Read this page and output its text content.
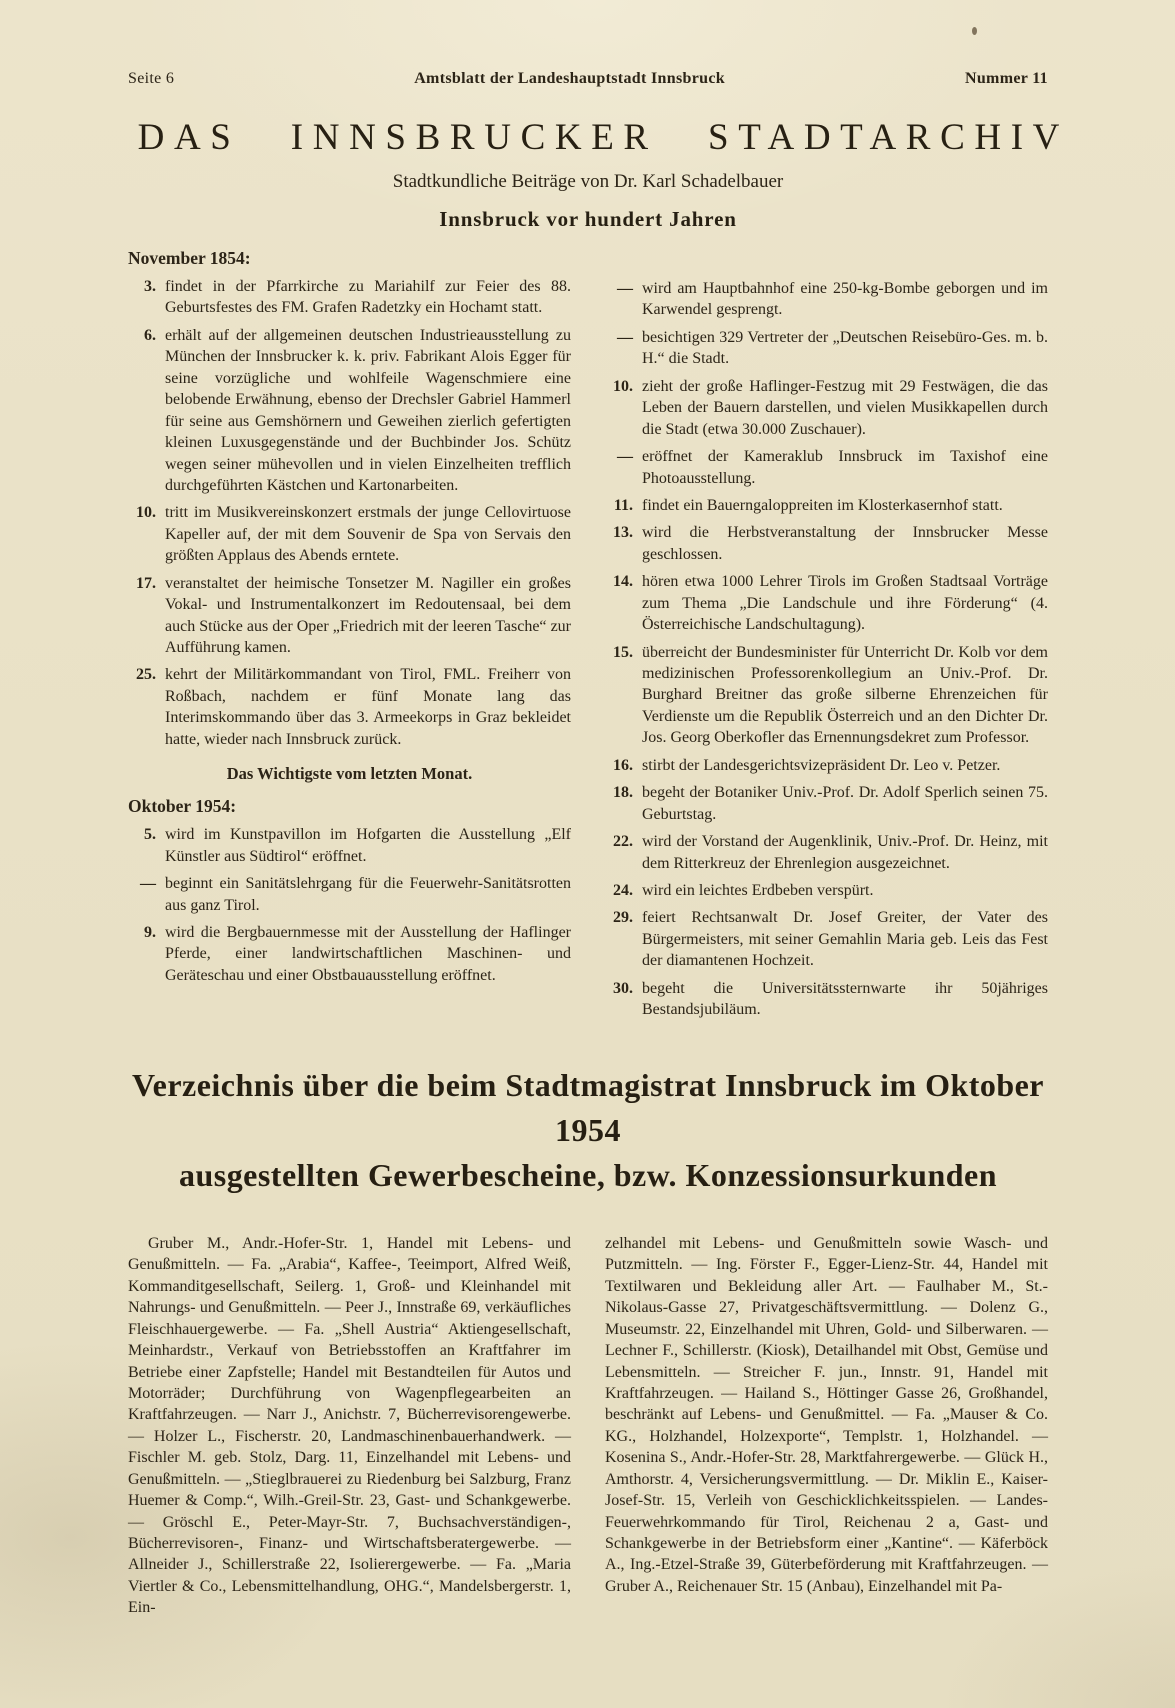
Seite 6	Amtsblatt der Landeshauptstadt Innsbruck	Nummer 11
DAS INNSBRUCKER STADTARCHIV
Stadtkundliche Beiträge von Dr. Karl Schadelbauer
Innsbruck vor hundert Jahren
November 1854:
3. findet in der Pfarrkirche zu Mariahilf zur Feier des 88. Geburtsfestes des FM. Grafen Radetzky ein Hochamt statt.
6. erhält auf der allgemeinen deutschen Industrieausstellung zu München der Innsbrucker k. k. priv. Fabrikant Alois Egger für seine vorzügliche und wohlfeile Wagenschmiere eine belobende Erwähnung, ebenso der Drechsler Gabriel Hammerl für seine aus Gemshörnern und Geweihen zierlich gefertigten kleinen Luxusgegenstände und der Buchbinder Jos. Schütz wegen seiner mühevollen und in vielen Einzelheiten trefflich durchgeführten Kästchen und Kartonarbeiten.
10. tritt im Musikvereinskonzert erstmals der junge Cellovirtuose Kapeller auf, der mit dem Souvenir de Spa von Servais den größten Applaus des Abends erntete.
17. veranstaltet der heimische Tonsetzer M. Nagiller ein großes Vokal- und Instrumentalkonzert im Redoutensaal, bei dem auch Stücke aus der Oper „Friedrich mit der leeren Tasche“ zur Aufführung kamen.
25. kehrt der Militärkommandant von Tirol, FML. Freiherr von Roßbach, nachdem er fünf Monate lang das Interimskommando über das 3. Armeekorps in Graz bekleidet hatte, wieder nach Innsbruck zurück.
Das Wichtigste vom letzten Monat.
Oktober 1954:
5. wird im Kunstpavillon im Hofgarten die Ausstellung „Elf Künstler aus Südtirol“ eröffnet.
— beginnt ein Sanitätslehrgang für die Feuerwehr-Sanitätsrotten aus ganz Tirol.
9. wird die Bergbauernmesse mit der Ausstellung der Haflinger Pferde, einer landwirtschaftlichen Maschinen- und Geräteschau und einer Obstbauausstellung eröffnet.
— wird am Hauptbahnhof eine 250-kg-Bombe geborgen und im Karwendel gesprengt.
— besichtigen 329 Vertreter der „Deutschen Reisebüro-Ges. m. b. H.“ die Stadt.
10. zieht der große Haflinger-Festzug mit 29 Festwägen, die das Leben der Bauern darstellen, und vielen Musikkapellen durch die Stadt (etwa 30.000 Zuschauer).
— eröffnet der Kameraklub Innsbruck im Taxishof eine Photoausstellung.
11. findet ein Bauerngaloppreiten im Klosterkasernhof statt.
13. wird die Herbstveranstaltung der Innsbrucker Messe geschlossen.
14. hören etwa 1000 Lehrer Tirols im Großen Stadtsaal Vorträge zum Thema „Die Landschule und ihre Förderung“ (4. Österreichische Landschultagung).
15. überreicht der Bundesminister für Unterricht Dr. Kolb vor dem medizinischen Professorenkollegium an Univ.-Prof. Dr. Burghard Breitner das große silberne Ehrenzeichen für Verdienste um die Republik Österreich und an den Dichter Dr. Jos. Georg Oberkofler das Ernennungsdekret zum Professor.
16. stirbt der Landesgerichtsvizepräsident Dr. Leo v. Petzer.
18. begeht der Botaniker Univ.-Prof. Dr. Adolf Sperlich seinen 75. Geburtstag.
22. wird der Vorstand der Augenklinik, Univ.-Prof. Dr. Heinz, mit dem Ritterkreuz der Ehrenlegion ausgezeichnet.
24. wird ein leichtes Erdbeben verspürt.
29. feiert Rechtsanwalt Dr. Josef Greiter, der Vater des Bürgermeisters, mit seiner Gemahlin Maria geb. Leis das Fest der diamantenen Hochzeit.
30. begeht die Universitätssternwarte ihr 50jähriges Bestandsjubiläum.
Verzeichnis über die beim Stadtmagistrat Innsbruck im Oktober 1954
ausgestellten Gewerbescheine, bzw. Konzessionsurkunden

Gruber M., Andr.-Hofer-Str. 1, Handel mit Lebens- und Genußmitteln. — Fa. „Arabia“, Kaffee-, Teeimport, Alfred Weiß, Kommanditgesellschaft, Seilerg. 1, Groß- und Kleinhandel mit Nahrungs- und Genußmitteln. — Peer J., Innstraße 69, verkäufliches Fleischhauergewerbe. — Fa. „Shell Austria“ Aktiengesellschaft, Meinhardstr., Verkauf von Betriebsstoffen an Kraftfahrer im Betriebe einer Zapfstelle; Handel mit Bestandteilen für Autos und Motorräder; Durchführung von Wagenpflegearbeiten an Kraftfahrzeugen. — Narr J., Anichstr. 7, Bücherrevisorengewerbe. — Holzer L., Fischerstr. 20, Landmaschinenbauerhandwerk. — Fischler M. geb. Stolz, Darg. 11, Einzelhandel mit Lebens- und Genußmitteln. — „Stieglbrauerei zu Riedenburg bei Salzburg, Franz Huemer & Comp.“, Wilh.-Greil-Str. 23, Gast- und Schankgewerbe. — Gröschl E., Peter-Mayr-Str. 7, Buchsachverständigen-, Bücherrevisoren-, Finanz- und Wirtschaftsberatergewerbe. — Allneider J., Schillerstraße 22, Isolierergewerbe. — Fa. „Maria Viertler & Co., Lebensmittelhandlung, OHG.“, Mandelsbergerstr. 1, Ein-

zelhandel mit Lebens- und Genußmitteln sowie Wasch- und Putzmitteln. — Ing. Förster F., Egger-Lienz-Str. 44, Handel mit Textilwaren und Bekleidung aller Art. — Faulhaber M., St.-Nikolaus-Gasse 27, Privatgeschäftsvermittlung. — Dolenz G., Museumstr. 22, Einzelhandel mit Uhren, Gold- und Silberwaren. — Lechner F., Schillerstr. (Kiosk), Detailhandel mit Obst, Gemüse und Lebensmitteln. — Streicher F. jun., Innstr. 91, Handel mit Kraftfahrzeugen. — Hailand S., Höttinger Gasse 26, Großhandel, beschränkt auf Lebens- und Genußmittel. — Fa. „Mauser & Co. KG., Holzhandel, Holzexporte“, Templstr. 1, Holzhandel. — Kosenina S., Andr.-Hofer-Str. 28, Marktfahrergewerbe. — Glück H., Amthorstr. 4, Versicherungsvermittlung. — Dr. Miklin E., Kaiser-Josef-Str. 15, Verleih von Geschicklichkeitsspielen. — Landes-Feuerwehrkommando für Tirol, Reichenau 2 a, Gast- und Schankgewerbe in der Betriebsform einer „Kantine“. — Käferböck A., Ing.-Etzel-Straße 39, Güterbeförderung mit Kraftfahrzeugen. — Gruber A., Reichenauer Str. 15 (Anbau), Einzelhandel mit Pa-
